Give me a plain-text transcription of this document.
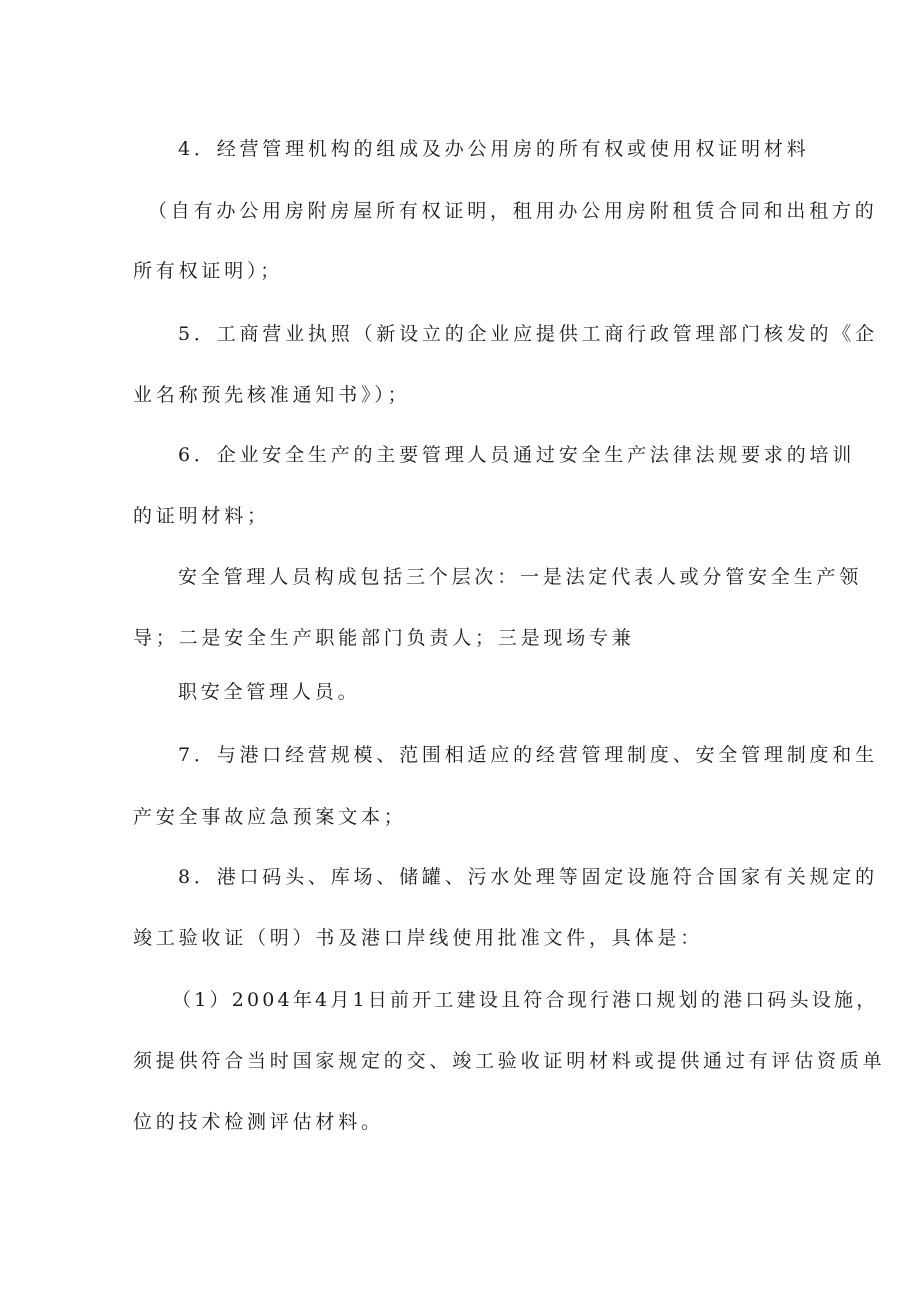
4．经营管理机构的组成及办公用房的所有权或使用权证明材料
（自有办公用房附房屋所有权证明，租用办公用房附租赁合同和出租方的
所有权证明）；
5．工商营业执照（新设立的企业应提供工商行政管理部门核发的《企
业名称预先核准通知书》）；
6．企业安全生产的主要管理人员通过安全生产法律法规要求的培训
的证明材料；
安全管理人员构成包括三个层次：一是法定代表人或分管安全生产领
导；二是安全生产职能部门负责人；三是现场专兼
职安全管理人员。
7．与港口经营规模、范围相适应的经营管理制度、安全管理制度和生
产安全事故应急预案文本；
8．港口码头、库场、储罐、污水处理等固定设施符合国家有关规定的
竣工验收证（明）书及港口岸线使用批准文件，具体是：
（1）2004年4月1日前开工建设且符合现行港口规划的港口码头设施，
须提供符合当时国家规定的交、竣工验收证明材料或提供通过有评估资质单
位的技术检测评估材料。
